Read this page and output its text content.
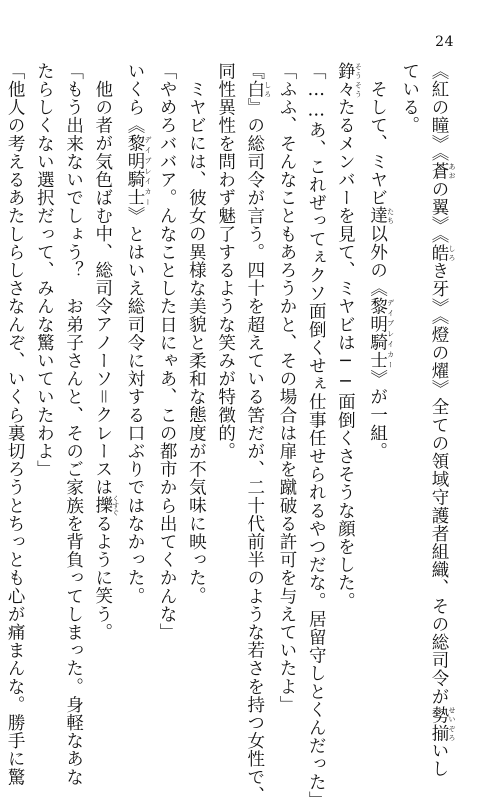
24
《紅の瞳》《蒼 あおの翼》《皓 しろき牙》《燈の燿》全ての領域守護者組織、その総司令が勢揃 せいぞろいし
ている。
そして、ミヤビ達 たち以外の《黎明騎士 デイブレイカー》が一組。
錚々 そうそうたるメンバーを見て、ミヤビは──面倒くさそうな顔をした。
「……あ、これぜってぇクソ面倒くせぇ仕事任せられるやつだな。居留守しとくんだった」
「ふふ、そんなこともあろうかと、その場合は扉を蹴破る許可を与えていたよ」
『白 しろ』の総司令が言う。四十を超えている筈だが、二十代前半のような若さを持つ女性で、
同性異性を問わず魅了するような笑みが特徴的。
ミヤビには、彼女の異様な美貌と柔和な態度が不気味に映った。
「やめろババア。んなことした日にゃあ、この都市から出てくかんな」
いくら《黎明騎士 デイブレイカー》とはいえ総司令に対する口ぶりではなかった。
他の者が気色ばむ中、総司令アノーソ＝クレースは擽 くすぐるように笑う。
「もう出来ないでしょう？　お弟子さんと、そのご家族を背負ってしまった。身軽なあな
たらしくない選択だって、みんな驚いていたわよ」
「他人の考えるあたしらしさなんぞ、いくら裏切ろうとちっとも心が痛まんな。勝手に驚
